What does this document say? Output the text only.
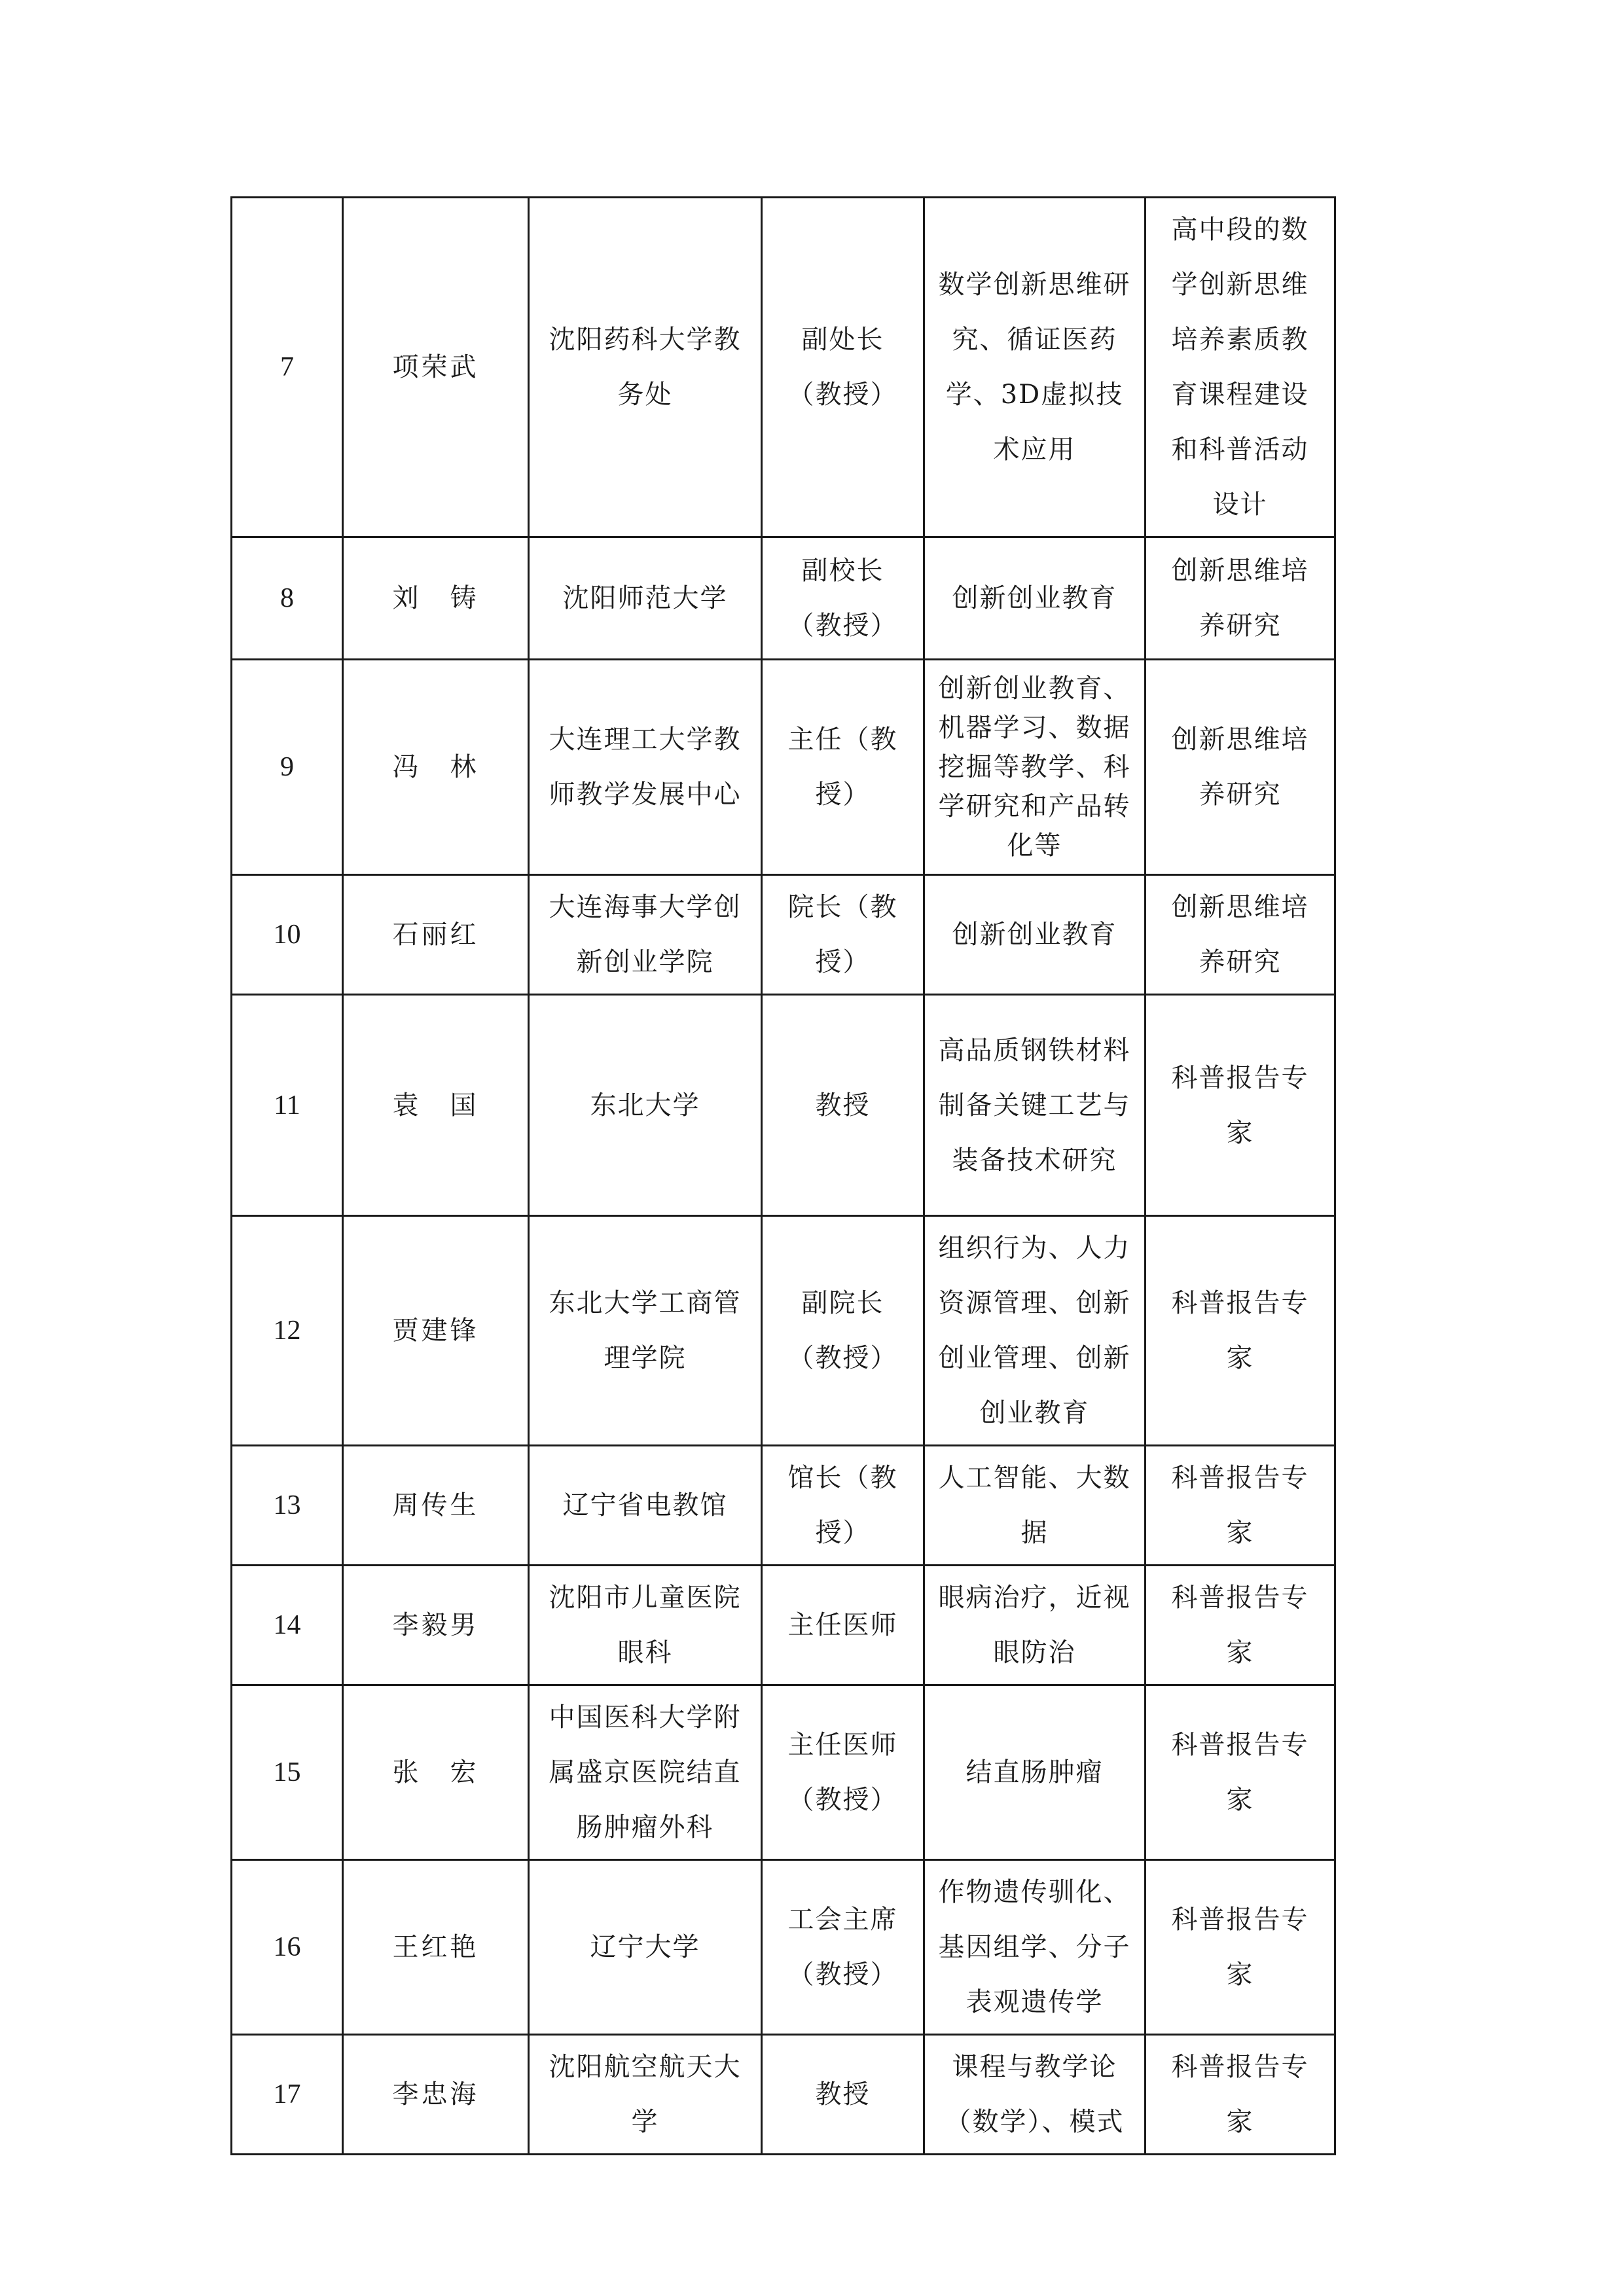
7	项荣武	沈阳药科大学教务处	副处长（教授）	数学创新思维研究、循证医药学、3D虚拟技术应用	高中段的数学创新思维培养素质教育课程建设和科普活动设计
8	刘　铸	沈阳师范大学	副校长（教授）	创新创业教育	创新思维培养研究
9	冯　林	大连理工大学教师教学发展中心	主任（教授）	创新创业教育、机器学习、数据挖掘等教学、科学研究和产品转化等	创新思维培养研究
10	石丽红	大连海事大学创新创业学院	院长（教授）	创新创业教育	创新思维培养研究
11	袁　国	东北大学	教授	高品质钢铁材料制备关键工艺与装备技术研究	科普报告专家
12	贾建锋	东北大学工商管理学院	副院长（教授）	组织行为、人力资源管理、创新创业管理、创新创业教育	科普报告专家
13	周传生	辽宁省电教馆	馆长（教授）	人工智能、大数据	科普报告专家
14	李毅男	沈阳市儿童医院眼科	主任医师	眼病治疗，近视眼防治	科普报告专家
15	张　宏	中国医科大学附属盛京医院结直肠肿瘤外科	主任医师（教授）	结直肠肿瘤	科普报告专家
16	王红艳	辽宁大学	工会主席（教授）	作物遗传驯化、基因组学、分子表观遗传学	科普报告专家
17	李忠海	沈阳航空航天大学	教授	课程与教学论（数学）、模式	科普报告专家
